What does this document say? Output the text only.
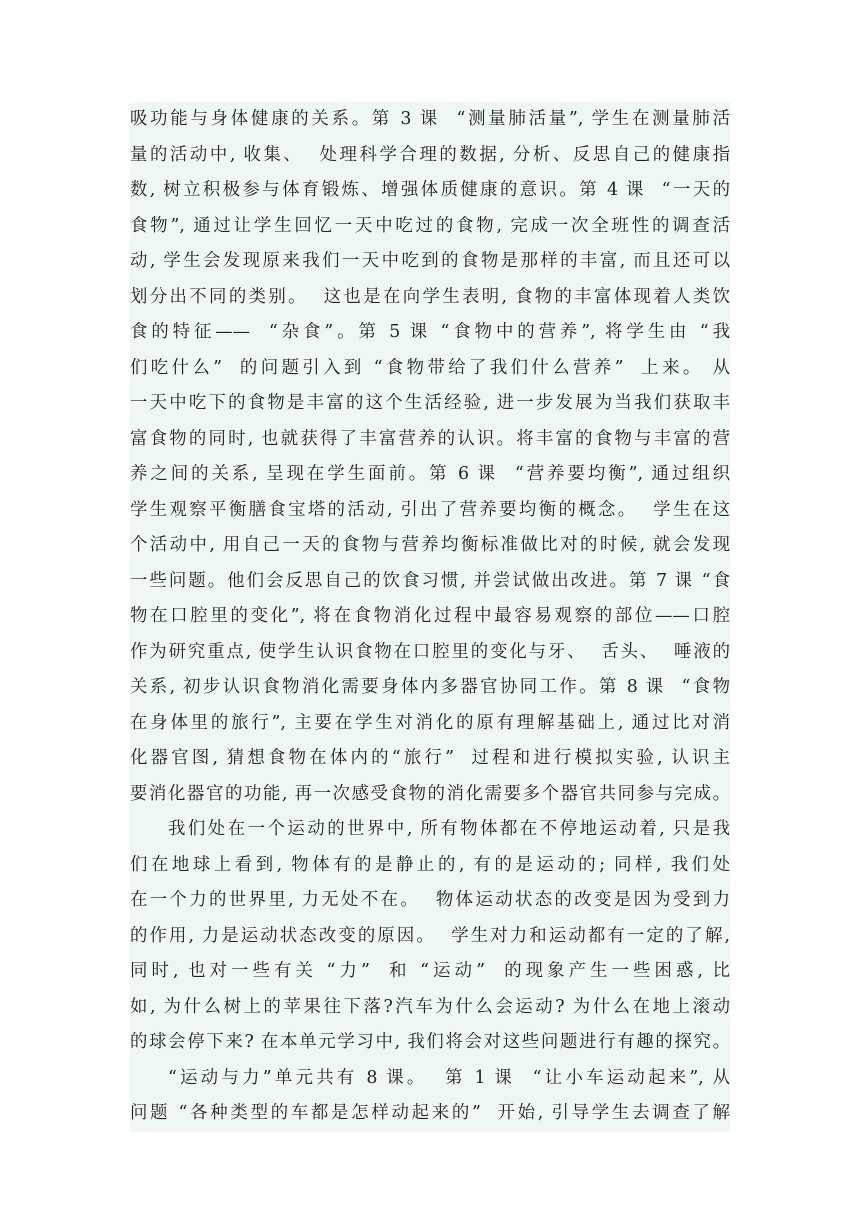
吸功能与身体健康的关系。第 3 课  “测量肺活量”, 学生在测量肺活
量的活动中, 收集、  处理科学合理的数据, 分析、反思自己的健康指
数, 树立积极参与体育锻炼、增强体质健康的意识。第 4 课  “一天的
食物”, 通过让学生回忆一天中吃过的食物, 完成一次全班性的调查活
动, 学生会发现原来我们一天中吃到的食物是那样的丰富, 而且还可以
划分出不同的类别。  这也是在向学生表明, 食物的丰富体现着人类饮
食的特征——  “杂食”。第 5 课 “食物中的营养”, 将学生由 “我
们吃什么”  的问题引入到 “食物带给了我们什么营养”  上来。 从
一天中吃下的食物是丰富的这个生活经验, 进一步发展为当我们获取丰
富食物的同时, 也就获得了丰富营养的认识。将丰富的食物与丰富的营
养之间的关系, 呈现在学生面前。第 6 课  “营养要均衡”, 通过组织
学生观察平衡膳食宝塔的活动, 引出了营养要均衡的概念。  学生在这
个活动中, 用自己一天的食物与营养均衡标准做比对的时候, 就会发现
一些问题。他们会反思自己的饮食习惯, 并尝试做出改进。第 7 课 “食
物在口腔里的变化”, 将在食物消化过程中最容易观察的部位——口腔
作为研究重点, 使学生认识食物在口腔里的变化与牙、  舌头、  唾液的
关系, 初步认识食物消化需要身体内多器官协同工作。第 8 课  “食物
在身体里的旅行”, 主要在学生对消化的原有理解基础上, 通过比对消
化器官图, 猜想食物在体内的“旅行”  过程和进行模拟实验, 认识主
要消化器官的功能, 再一次感受食物的消化需要多个器官共同参与完成。
我们处在一个运动的世界中, 所有物体都在不停地运动着, 只是我
们在地球上看到, 物体有的是静止的, 有的是运动的; 同样, 我们处
在一个力的世界里, 力无处不在。  物体运动状态的改变是因为受到力
的作用, 力是运动状态改变的原因。  学生对力和运动都有一定的了解,
同时, 也对一些有关 “力”  和 “运动”  的现象产生一些困惑, 比
如, 为什么树上的苹果往下落?汽车为什么会运动? 为什么在地上滚动
的球会停下来? 在本单元学习中, 我们将会对这些问题进行有趣的探究。
“运动与力”单元共有 8 课。  第 1 课  “让小车运动起来”, 从
问题 “各种类型的车都是怎样动起来的”  开始, 引导学生去调查了解
